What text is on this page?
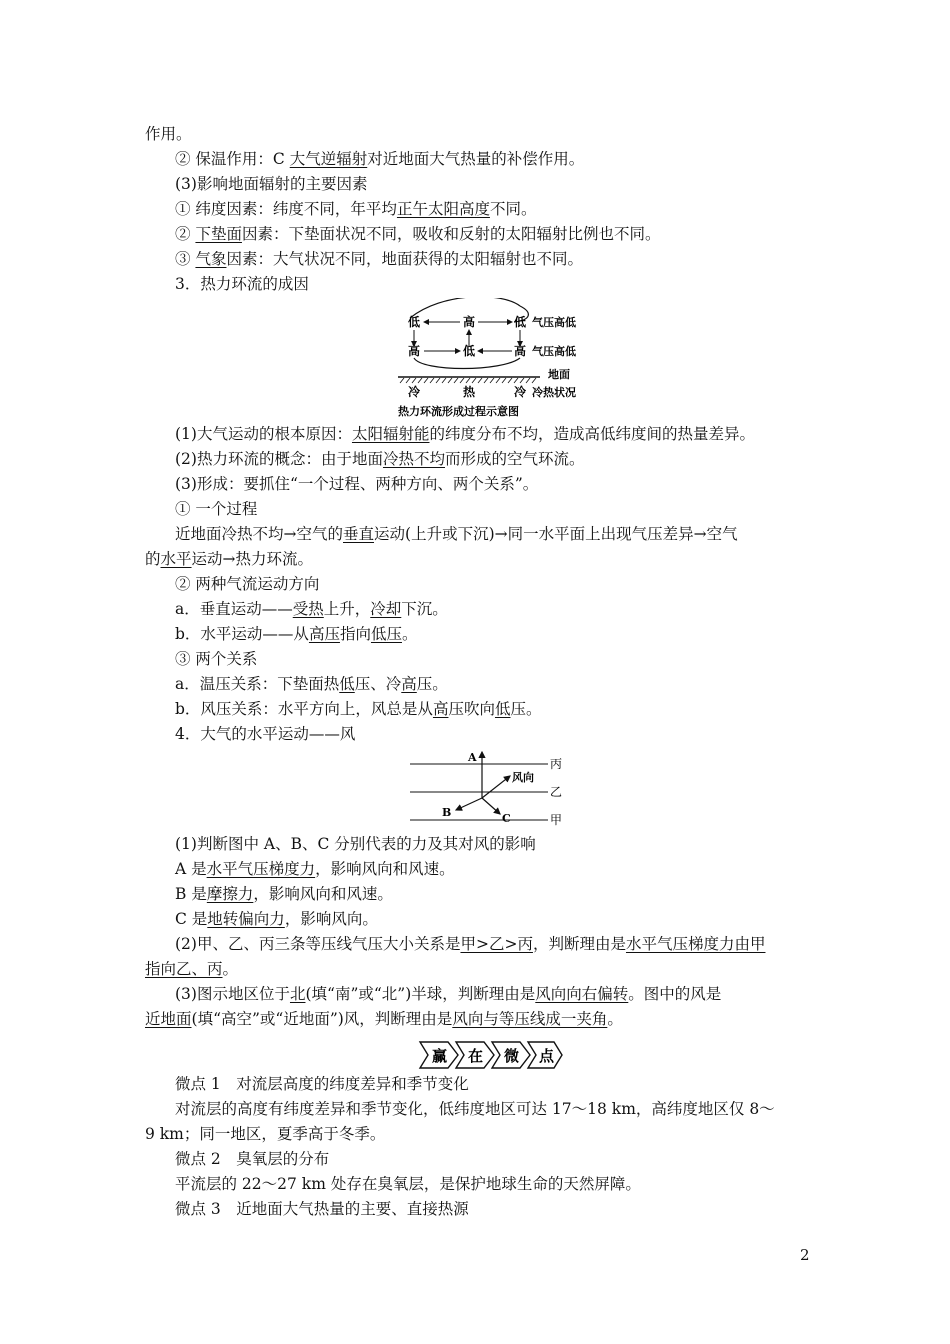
作用。
② 保温作用：C 大气逆辐射对近地面大气热量的补偿作用。
(3)影响地面辐射的主要因素
① 纬度因素：纬度不同，年平均正午太阳高度不同。
② 下垫面因素：下垫面状况不同，吸收和反射的太阳辐射比例也不同。
③ 气象因素：大气状况不同，地面获得的太阳辐射也不同。
3．热力环流的成因
低	高	低 气压高低
高	低	高 气压高低
地面
冷	热	冷 冷热状况
热力环流形成过程示意图
(1)大气运动的根本原因：太阳辐射能的纬度分布不均，造成高低纬度间的热量差异。
(2)热力环流的概念：由于地面冷热不均而形成的空气环流。
(3)形成：要抓住“一个过程、两种方向、两个关系”。
① 一个过程
近地面冷热不均→空气的垂直运动(上升或下沉)→同一水平面上出现气压差异→空气
的水平运动→热力环流。
② 两种气流运动方向
a．垂直运动——受热上升，冷却下沉。
b．水平运动——从高压指向低压。
③ 两个关系
a．温压关系：下垫面热低压、冷高压。
b．风压关系：水平方向上，风总是从高压吹向低压。
4．大气的水平运动——风
丙
乙
甲
A
B	C
风向
(1)判断图中 A、B、C 分别代表的力及其对风的影响
A 是水平气压梯度力，影响风向和风速。
B 是摩擦力，影响风向和风速。
C 是地转偏向力，影响风向。
(2)甲、乙、丙三条等压线气压大小关系是甲>乙>丙，判断理由是水平气压梯度力由甲
指向乙、丙。
(3)图示地区位于北(填“南”或“北”)半球，判断理由是风向向右偏转。图中的风是
近地面(填“高空”或“近地面”)风，判断理由是风向与等压线成一夹角。
赢 在 微 点
微点 1　对流层高度的纬度差异和季节变化
对流层的高度有纬度差异和季节变化，低纬度地区可达 17～18 km，高纬度地区仅 8～
9 km；同一地区，夏季高于冬季。
微点 2　臭氧层的分布
平流层的 22～27 km 处存在臭氧层，是保护地球生命的天然屏障。
微点 3　近地面大气热量的主要、直接热源
2
